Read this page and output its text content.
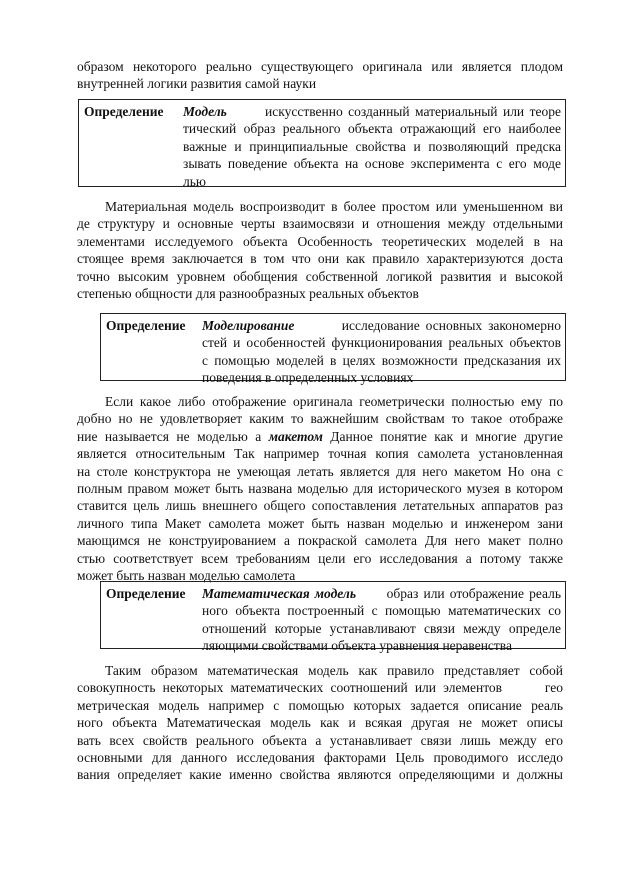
образом некоторого реально существующего оригинала или является плодом
внутренней логики развития самой науки
Определение Модель	искусственно созданный материальный или теоре
тический образ реального объекта отражающий его наиболее
важные и принципиальные свойства и позволяющий предска
зывать поведение объекта на основе эксперимента с его моде
лью
Материальная модель воспроизводит в более простом или уменьшенном ви
де структуру и основные черты взаимосвязи и отношения между отдельными
элементами исследуемого объекта Особенность теоретических моделей в на
стоящее время заключается в том что они как правило характеризуются доста
точно высоким уровнем обобщения собственной логикой развития и высокой
степенью общности для разнообразных реальных объектов
Определение Моделирование	исследование основных закономерно
стей и особенностей функционирования реальных объектов
с помощью моделей в целях возможности предсказания их
поведения в определенных условиях
Если какое либо отображение оригинала геометрически полностью ему по
добно но не удовлетворяет каким то важнейшим свойствам то такое отображе
ние называется не моделью а макетом Данное понятие как и многие другие
является относительным Так например точная копия самолета установленная
на столе конструктора не умеющая летать является для него макетом Но она с
полным правом может быть названа моделью для исторического музея в котором
ставится цель лишь внешнего общего сопоставления летательных аппаратов раз
личного типа Макет самолета может быть назван моделью и инженером зани
мающимся не конструированием а покраской самолета Для него макет полно
стью соответствует всем требованиям цели его исследования а потому также
может быть назван моделью самолета
Определение Математическая модель образ или отображение реаль
ного объекта построенный с помощью математических со
отношений которые устанавливают связи между определе
ляющими свойствами объекта уравнения неравенства
Таким образом математическая модель как правило представляет собой
совокупность некоторых математических соотношений или элементов      гео
метрическая модель например с помощью которых задается описание реаль
ного объекта Математическая модель как и всякая другая не может описы
вать всех свойств реального объекта а устанавливает связи лишь между его
основными для данного исследования факторами Цель проводимого исследо
вания определяет какие именно свойства являются определяющими и должны
